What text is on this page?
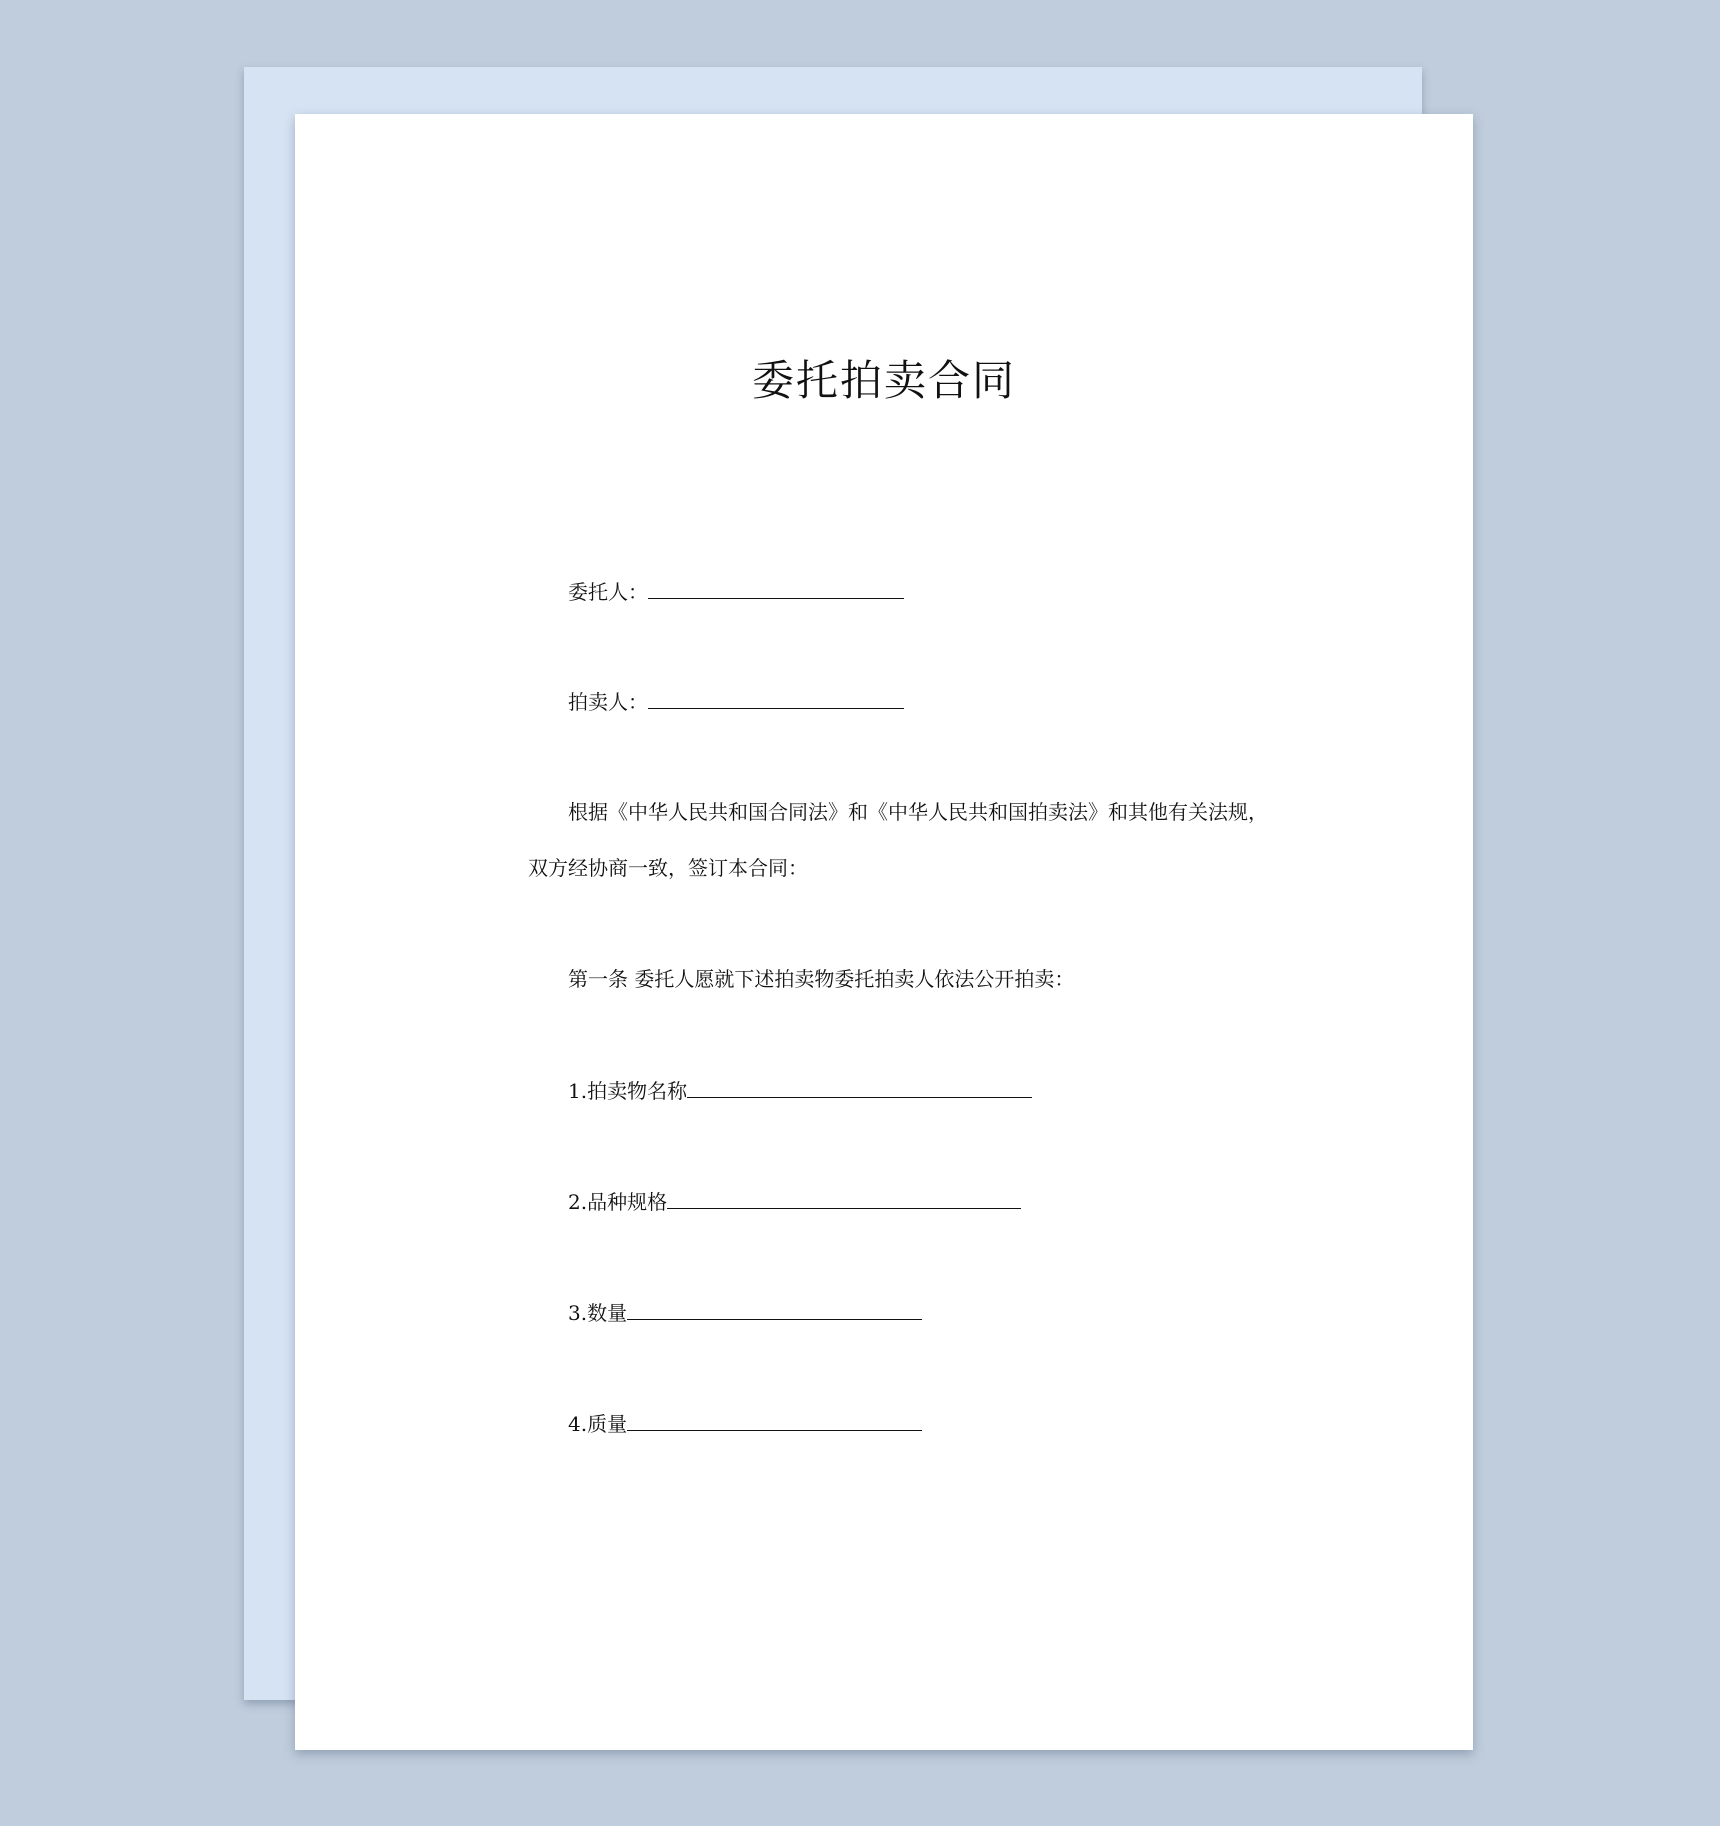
委托拍卖合同
委托人：
拍卖人：
根据《中华人民共和国合同法》和《中华人民共和国拍卖法》和其他有关法规，
双方经协商一致，签订本合同：
第一条 委托人愿就下述拍卖物委托拍卖人依法公开拍卖：
1.拍卖物名称
2.品种规格
3.数量
4.质量
